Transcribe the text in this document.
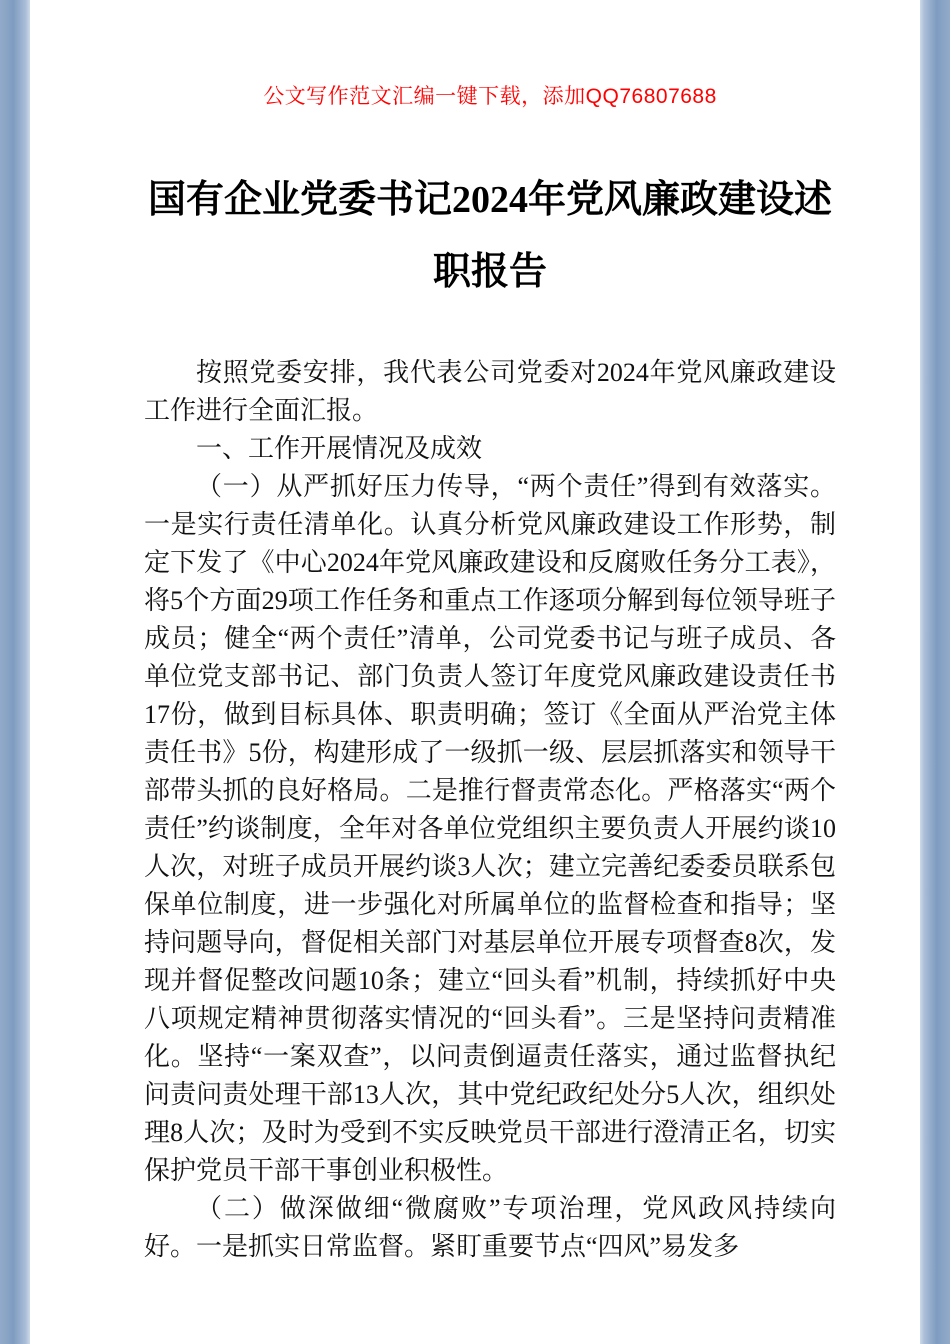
公文写作范文汇编一键下载，添加QQ76807688
国有企业党委书记2024年党风廉政建设述职报告

按照党委安排，我代表公司党委对2024年党风廉政建设工作进行全面汇报。

一、工作开展情况及成效

（一）从严抓好压力传导，“两个责任”得到有效落实。一是实行责任清单化。认真分析党风廉政建设工作形势，制定下发了《中心2024年党风廉政建设和反腐败任务分工表》，将5个方面29项工作任务和重点工作逐项分解到每位领导班子成员；健全“两个责任”清单，公司党委书记与班子成员、各单位党支部书记、部门负责人签订年度党风廉政建设责任书17份，做到目标具体、职责明确；签订《全面从严治党主体责任书》5份，构建形成了一级抓一级、层层抓落实和领导干部带头抓的良好格局。二是推行督责常态化。严格落实“两个责任”约谈制度，全年对各单位党组织主要负责人开展约谈10人次，对班子成员开展约谈3人次；建立完善纪委委员联系包保单位制度，进一步强化对所属单位的监督检查和指导；坚持问题导向，督促相关部门对基层单位开展专项督查8次，发现并督促整改问题10条；建立“回头看”机制，持续抓好中央八项规定精神贯彻落实情况的“回头看”。三是坚持问责精准化。坚持“一案双查”，以问责倒逼责任落实，通过监督执纪问责问责处理干部13人次，其中党纪政纪处分5人次，组织处理8人次；及时为受到不实反映党员干部进行澄清正名，切实保护党员干部干事创业积极性。

（二）做深做细“微腐败”专项治理，党风政风持续向好。一是抓实日常监督。紧盯重要节点“四风”易发多
